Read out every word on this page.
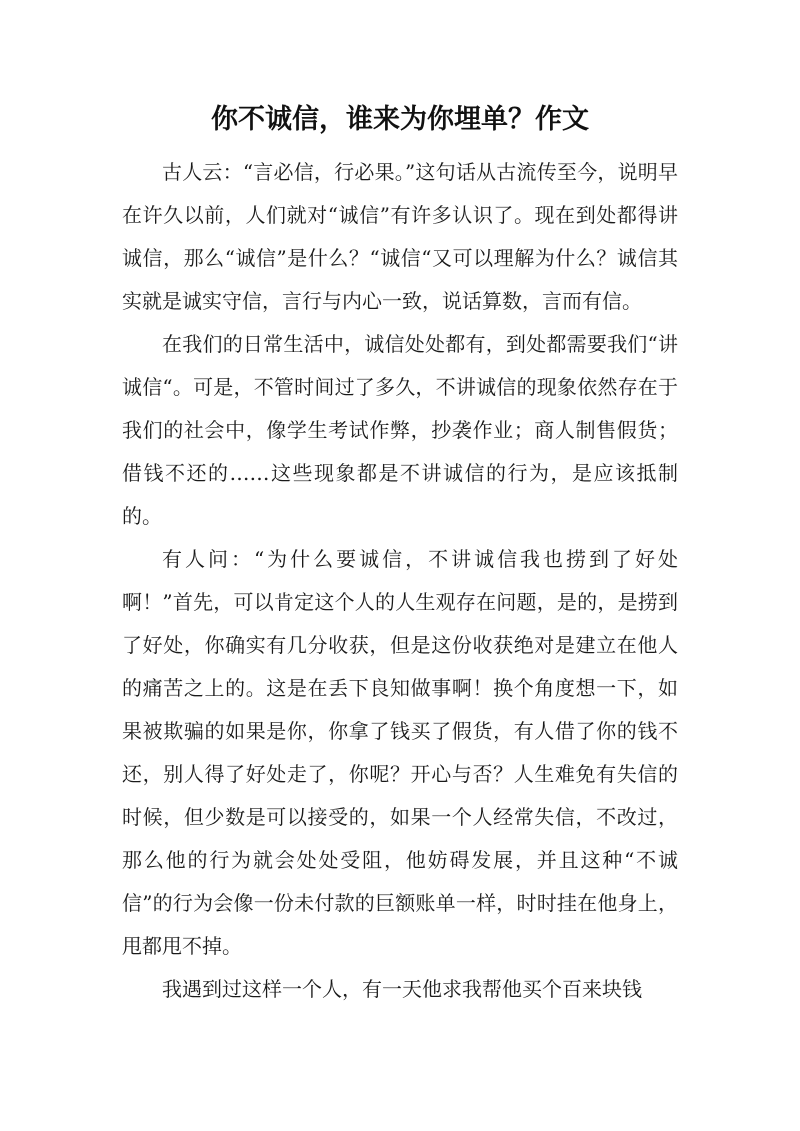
你不诚信，谁来为你埋单？作文

古人云：“言必信，行必果。”这句话从古流传至今，说明早在许久以前，人们就对“诚信”有许多认识了。现在到处都得讲诚信，那么“诚信”是什么？“诚信“又可以理解为什么？诚信其实就是诚实守信，言行与内心一致，说话算数，言而有信。

在我们的日常生活中，诚信处处都有，到处都需要我们“讲诚信“。可是，不管时间过了多久，不讲诚信的现象依然存在于我们的社会中，像学生考试作弊，抄袭作业；商人制售假货；借钱不还的……这些现象都是不讲诚信的行为，是应该抵制的。

有人问：“为什么要诚信，不讲诚信我也捞到了好处啊！”首先，可以肯定这个人的人生观存在问题，是的，是捞到了好处，你确实有几分收获，但是这份收获绝对是建立在他人的痛苦之上的。这是在丢下良知做事啊！换个角度想一下，如果被欺骗的如果是你，你拿了钱买了假货，有人借了你的钱不还，别人得了好处走了，你呢？开心与否？人生难免有失信的时候，但少数是可以接受的，如果一个人经常失信，不改过，那么他的行为就会处处受阻，他妨碍发展，并且这种“不诚信”的行为会像一份未付款的巨额账单一样，时时挂在他身上，甩都甩不掉。

我遇到过这样一个人，有一天他求我帮他买个百来块钱
